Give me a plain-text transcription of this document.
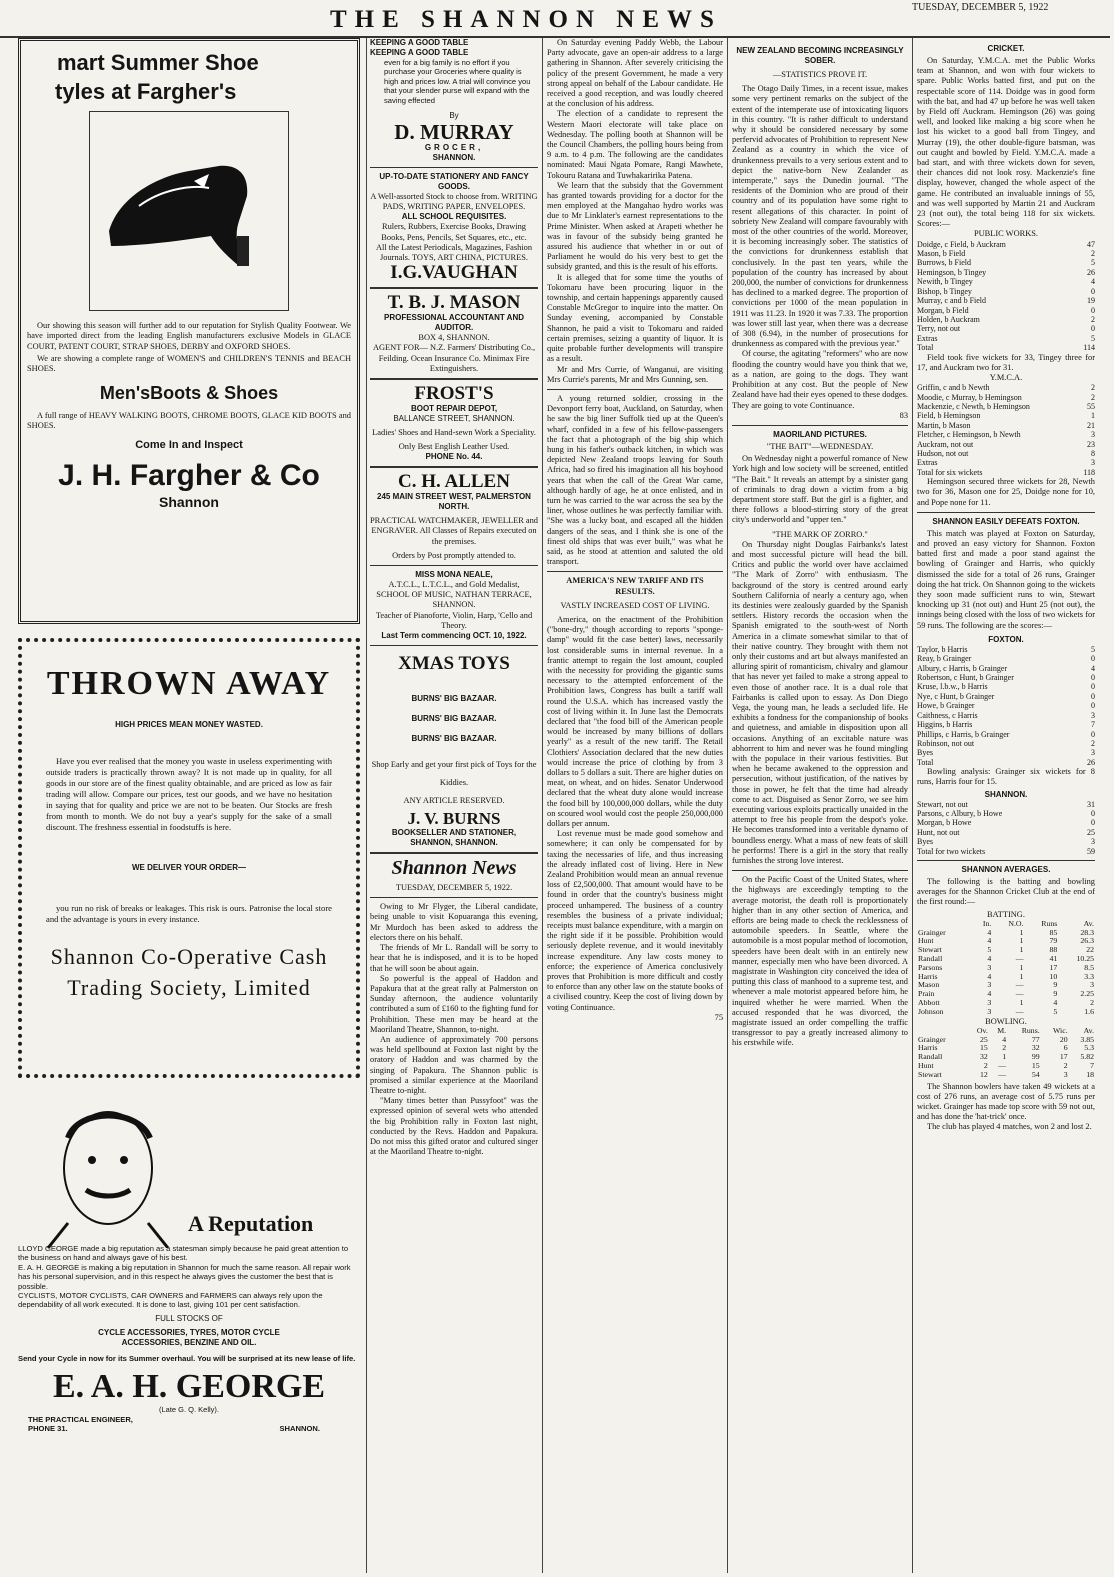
THE SHANNON NEWS	TUESDAY, DECEMBER 5, 1922
mart Summer Shoe
tyles at Fargher's
Our showing this season will further add to our reputation for Stylish Quality Footwear. We have imported direct from the leading English manufacturers exclusive Models in GLACE COURT, PATENT COURT, STRAP SHOES, DERBY and OXFORD SHOES.
We are showing a complete range of WOMEN'S and CHILDREN'S TENNIS and BEACH SHOES.
Men'sBoots & Shoes
A full range of HEAVY WALKING BOOTS, CHROME BOOTS, GLACE KID BOOTS and SHOES.
Come In and Inspect
J. H. Fargher & Co
Shannon
THROWN AWAY
HIGH PRICES MEAN MONEY WASTED.
Have you ever realised that the money you waste in useless experimenting with outside traders is practically thrown away? It is not made up in quality, for all goods in our store are of the finest quality obtainable, and are priced as low as fair trading will allow. Compare our prices, test our goods, and we have no hesitation in saying that for quality and price we are not to be beaten. Our Stocks are fresh from month to month. We do not buy a year's supply for the sake of a small discount. The freshness essential in foodstuffs is here.
WE DELIVER YOUR ORDER—
you run no risk of breaks or leakages. This risk is ours. Patronise the local store and the advantage is yours in every instance.
Shannon Co-Operative Cash
Trading Society, Limited
A Reputation
LLOYD GEORGE made a big reputation as a statesman simply because he paid great attention to the business on hand and always gave of his best.
E. A. H. GEORGE is making a big reputation in Shannon for much the same reason. All repair work has his personal supervision, and in this respect he always gives the customer the best that is possible.
CYCLISTS, MOTOR CYCLISTS, CAR OWNERS and FARMERS can always rely upon the dependability of all work executed. It is done to last, giving 101 per cent satisfaction.
FULL STOCKS OF
CYCLE ACCESSORIES, TYRES, MOTOR CYCLE ACCESSORIES, BENZINE AND OIL.
Send your Cycle in now for its Summer overhaul. You will be surprised at its new lease of life.
E. A. H. GEORGE
(Late G. Q. Kelly).
THE PRACTICAL ENGINEER,
PHONE 31.	SHANNON.
KEEPING A GOOD TABLE
KEEPING A GOOD TABLE
even for a big family is no effort if you purchase your Groceries where quality is high and prices low. A trial will convince you that your slender purse will expand with the saving effected
By
D. MURRAY
GROCER,
SHANNON.
UP-TO-DATE STATIONERY AND FANCY GOODS.
A Well-assorted Stock to choose from. WRITING PADS, WRITING PAPER, ENVELOPES.
ALL SCHOOL REQUISITES.
Rulers, Rubbers, Exercise Books, Drawing Books, Pens, Pencils, Set Squares, etc., etc.
All the Latest Periodicals, Magazines, Fashion Journals. TOYS, ART CHINA, PICTURES.
I.G.VAUGHAN
T. B. J. MASON
PROFESSIONAL ACCOUNTANT AND AUDITOR.
BOX 4, SHANNON.
AGENT FOR— N.Z. Farmers' Distributing Co., Feilding. Ocean Insurance Co. Minimax Fire Extinguishers.
FROST'S
BOOT REPAIR DEPOT,
BALLANCE STREET, SHANNON.
Ladies' Shoes and Hand-sewn Work a Speciality.
Only Best English Leather Used.
PHONE No. 44.
C. H. ALLEN
245 MAIN STREET WEST, PALMERSTON NORTH.
PRACTICAL WATCHMAKER, JEWELLER and ENGRAVER. All Classes of Repairs executed on the premises.
Orders by Post promptly attended to.
MISS MONA NEALE,
A.T.C.L., L.T.C.L., and Gold Medalist,
SCHOOL OF MUSIC, NATHAN TERRACE, SHANNON.
Teacher of Pianoforte, Violin, Harp, 'Cello and Theory.
Last Term commencing OCT. 10, 1922.
XMAS TOYS
BURNS' BIG BAZAAR.
BURNS' BIG BAZAAR.
BURNS' BIG BAZAAR.
Shop Early and get your first pick of Toys for the Kiddies.
ANY ARTICLE RESERVED.
J. V. BURNS
BOOKSELLER AND STATIONER, SHANNON, SHANNON.
Shannon News
TUESDAY, DECEMBER 5, 1922.
Owing to Mr Flyger, the Liberal candidate, being unable to visit Kopuaranga this evening, Mr Murdoch has been asked to address the electors there on his behalf.
The friends of Mr L. Randall will be sorry to hear that he is indisposed, and it is to be hoped that he will soon be about again.
So powerful is the appeal of Haddon and Papakura that at the great rally at Palmerston on Sunday afternoon, the audience voluntarily contributed a sum of £160 to the fighting fund for Prohibition. These men may be heard at the Maoriland Theatre, Shannon, to-night.
An audience of approximately 700 persons was held spellbound at Foxton last night by the oratory of Haddon and was charmed by the singing of Papakura. The Shannon public is promised a similar experience at the Maoriland Theatre to-night.
"Many times better than Pussyfoot" was the expressed opinion of several wets who attended the big Prohibition rally in Foxton last night, conducted by the Revs. Haddon and Papakura. Do not miss this gifted orator and cultured singer at the Maoriland Theatre to-night.
On Saturday evening Paddy Webb, the Labour Party advocate, gave an open-air address to a large gathering in Shannon. After severely criticising the policy of the present Government, he made a very strong appeal on behalf of the Labour candidate. He received a good reception, and was loudly cheered at the conclusion of his address.
The election of a candidate to represent the Western Maori electorate will take place on Wednesday. The polling booth at Shannon will be the Council Chambers, the polling hours being from 9 a.m. to 4 p.m. The following are the candidates nominated: Maui Ngata Pomare, Rangi Mawhete, Tokouru Ratana and Tuwhakaririka Patena.
We learn that the subsidy that the Government has granted towards providing for a doctor for the men employed at the Mangahao hydro works was due to Mr Linklater's earnest representations to the Prime Minister. When asked at Arapeti whether he was in favour of the subsidy being granted he assured his audience that whether in or out of Parliament he would do his very best to get the subsidy granted, and this is the result of his efforts.
It is alleged that for some time the youths of Tokomaru have been procuring liquor in the township, and certain happenings apparently caused Constable McGregor to inquire into the matter. On Sunday evening, accompanied by Constable Shannon, he paid a visit to Tokomaru and raided certain premises, seizing a quantity of liquor. It is quite probable further developments will transpire as a result.
Mr and Mrs Currie, of Wanganui, are visiting Mrs Currie's parents, Mr and Mrs Gunning, sen.
A young returned soldier, crossing in the Devonport ferry boat, Auckland, on Saturday, when he saw the big liner Suffolk tied up at the Queen's wharf, confided in a few of his fellow-passengers the fact that a photograph of the big ship which hung in his father's outback kitchen, in which was depicted New Zealand troops leaving for South Africa, had so fired his imagination all his boyhood years that when the call of the Great War came, although hardly of age, he at once enlisted, and in turn he was carried to the war across the sea by the liner, whose outlines he was perfectly familiar with. "She was a lucky boat, and escaped all the hidden dangers of the seas, and I think she is one of the finest old ships that was ever built," was what he said, as he stood at attention and saluted the old transport.
AMERICA'S NEW TARIFF AND ITS RESULTS.
VASTLY INCREASED COST OF LIVING.
America, on the enactment of the Prohibition ("bone-dry," though according to reports "sponge-damp" would fit the case better) laws, necessarily lost considerable sums in internal revenue. In a frantic attempt to regain the lost amount, coupled with the necessity for providing the gigantic sums necessary to the attempted enforcement of the Prohibition laws, Congress has built a tariff wall round the U.S.A. which has increased vastly the cost of living within it. In June last the Democrats declared that "the food bill of the American people would be increased by many billions of dollars yearly" as a result of the new tariff. The Retail Clothiers' Association declared that the new duties would increase the price of clothing by from 3 dollars to 5 dollars a suit. There are higher duties on meat, on wheat, and on hides. Senator Underwood declared that the wheat duty alone would increase the food bill by 100,000,000 dollars, while the duty on scoured wool would cost the people 250,000,000 dollars per annum.
Lost revenue must be made good somehow and somewhere; it can only be compensated for by taxing the necessaries of life, and thus increasing the already inflated cost of living. Here in New Zealand Prohibition would mean an annual revenue loss of £2,500,000. That amount would have to be found in order that the country's business might proceed unhampered. The business of a country resembles the business of a private individual; receipts must balance expenditure, with a margin on the right side if it be possible. Prohibition would seriously deplete revenue, and it would inevitably increase expenditure. Any law costs money to enforce; the experience of America conclusively proves that Prohibition is more difficult and costly to enforce than any other law on the statute books of a civilised country. Keep the cost of living down by voting Continuance.
75
NEW ZEALAND BECOMING INCREASINGLY SOBER.
—STATISTICS PROVE IT.
The Otago Daily Times, in a recent issue, makes some very pertinent remarks on the subject of the extent of the intemperate use of intoxicating liquors in this country. "It is rather difficult to understand why it should be considered necessary by some perfervid advocates of Prohibition to represent New Zealand as a country in which the vice of drunkenness prevails to a very serious extent and to depict the native-born New Zealander as intemperate," says the Dunedin journal. "The residents of the Dominion who are proud of their country and of its population have some right to resent allegations of this character. In point of sobriety New Zealand will compare favourably with most of the other countries of the world. Moreover, it is becoming increasingly sober. The statistics of the convictions for drunkenness establish that conclusively. In the past ten years, while the population of the country has increased by about 200,000, the number of convictions for drunkenness has declined to a marked degree. The proportion of convictions per 1000 of the mean population in 1911 was 11.23. In 1920 it was 7.33. The proportion was lower still last year, when there was a decrease of 308 (6.94), in the number of prosecutions for drunkenness as compared with the previous year."
Of course, the agitating "reformers" who are now flooding the country would have you think that we, as a nation, are going to the dogs. They want Prohibition at any cost. But the people of New Zealand have had their eyes opened to these dodges. They are going to vote Continuance.
83
MAORILAND PICTURES.
"THE BAIT"—WEDNESDAY.
On Wednesday night a powerful romance of New York high and low society will be screened, entitled "The Bait." It reveals an attempt by a sinister gang of criminals to drag down a victim from a big department store staff. But the girl is a fighter, and there follows a blood-stirring story of the great city's underworld and "upper ten."
"THE MARK OF ZORRO."
On Thursday night Douglas Fairbanks's latest and most successful picture will head the bill. Critics and public the world over have acclaimed "The Mark of Zorro" with enthusiasm. The background of the story is centred around early Southern California of nearly a century ago, when its destinies were zealously guarded by the Spanish settlers. History records the occasion when the Spanish emigrated to the south-west of North America in a climate somewhat similar to that of their native country. They brought with them not only their customs and art but always manifested an alluring spirit of romanticism, chivalry and glamour that has never yet failed to make a strong appeal to even those of another race. It is a dual role that Fairbanks is called upon to essay. As Don Diego Vega, the young man, he leads a secluded life. He exhibits a fondness for the companionship of books and quietness, and amiable in disposition upon all occasions. Anything of an excitable nature was abhorrent to him and never was he found mingling with the populace in their various festivities. But when he became awakened to the oppression and persecution, without justification, of the natives by those in power, he felt that the time had already come to act. Disguised as Senor Zorro, we see him executing various exploits practically unaided in the attempt to free his people from the despot's yoke. He becomes transformed into a veritable dynamo of boundless energy. What a mass of new feats of skill he performs! There is a girl in the story that really furnishes the strong love interest.
On the Pacific Coast of the United States, where the highways are exceedingly tempting to the average motorist, the death roll is proportionately higher than in any other section of America, and efforts are being made to check the recklessness of automobile speeders. In Seattle, where the automobile is a most popular method of locomotion, speeders have been dealt with in an entirely new manner, especially men who have been divorced. A magistrate in Washington city conceived the idea of putting this class of manhood to a supreme test, and whenever a male motorist appeared before him, he inquired whether he were married. When the accused responded that he was divorced, the magistrate issued an order compelling the traffic transgressor to pay a greatly increased alimony to his erstwhile wife.
CRICKET.
On Saturday, Y.M.C.A. met the Public Works team at Shannon, and won with four wickets to spare. Public Works batted first, and put on the respectable score of 114. Doidge was in good form with the bat, and had 47 up before he was well taken by Field off Auckram. Hemingson (26) was going well, and looked like making a big score when he lost his wicket to a good ball from Tingey, and Murray (19), the other double-figure batsman, was out caught and bowled by Field. Y.M.C.A. made a bad start, and with three wickets down for seven, their chances did not look rosy. Mackenzie's fine display, however, changed the whole aspect of the game. He contributed an invaluable innings of 55, and was well supported by Martin 21 and Auckram 23 (not out), the total being 118 for six wickets. Scores:—
PUBLIC WORKS.
Doidge, c Field, b Auckram	47
Mason, b Field	2
Burrows, b Field	5
Hemingson, b Tingey	26
Newith, b Tingey	4
Bishop, b Tingey	0
Murray, c and b Field	19
Morgan, b Field	0
Holden, b Auckram	2
Terry, not out	0
Extras	5
Total	114
Field took five wickets for 33, Tingey three for 17, and Auckram two for 31.
Y.M.C.A.
Griffin, c and b Newth	2
Moodie, c Murray, b Hemingson	2
Mackenzie, c Newth, b Hemingson	55
Field, b Hemingson	1
Martin, b Mason	21
Fletcher, c Hemingson, b Newth	3
Auckram, not out	23
Hudson, not out	8
Extras	3
Total for six wickets	118
Hemingson secured three wickets for 28, Newth two for 36, Mason one for 25, Doidge none for 10, and Pope none for 11.
SHANNON EASILY DEFEATS FOXTON.
This match was played at Foxton on Saturday, and proved an easy victory for Shannon. Foxton batted first and made a poor stand against the bowling of Grainger and Harris, who quickly dismissed the side for a total of 26 runs, Grainger doing the hat trick. On Shannon going to the wickets they soon made sufficient runs to win, Stewart knocking up 31 (not out) and Hunt 25 (not out), the innings being closed with the loss of two wickets for 59 runs. The following are the scores:—
FOXTON.
Taylor, b Harris	5
Reay, b Grainger	0
Albury, c Harris, b Grainger	4
Robertson, c Hunt, b Grainger	0
Kruse, l.b.w., b Harris	0
Nye, c Hunt, b Grainger	0
Howe, b Grainger	0
Caithness, c Harris	3
Higgins, b Harris	7
Phillips, c Harris, b Grainger	0
Robinson, not out	2
Byes	3
Total	26
Bowling analysis: Grainger six wickets for 8 runs, Harris four for 15.
SHANNON.
Stewart, not out	31
Parsons, c Albury, b Howe	0
Morgan, b Howe	0
Hunt, not out	25
Byes	3
Total for two wickets	59
SHANNON AVERAGES.
The following is the batting and bowling averages for the Shannon Cricket Club at the end of the first round:—
BATTING.
	In.	N.O.	Runs	Av.
Grainger	4	1	85	28.3
Hunt	4	1	79	26.3
Stewart	5	1	88	22
Randall	4	—	41	10.25
Parsons	3	1	17	8.5
Harris	4	1	10	3.3
Mason	3	—	9	3
Prain	4	—	9	2.25
Abbott	3	1	4	2
Johnson	3	—	5	1.6
BOWLING.
	Ov.	M.	Runs.	Wic.	Av.
Grainger	25	4	77	20	3.85
Harris	15	2	32	6	5.3
Randall	32	1	99	17	5.82
Hunt	2	—	15	2	7
Stewart	12	—	54	3	18
The Shannon bowlers have taken 49 wickets at a cost of 276 runs, an average cost of 5.75 runs per wicket. Grainger has made top score with 59 not out, and has done the 'hat-trick' once.
The club has played 4 matches, won 2 and lost 2.
